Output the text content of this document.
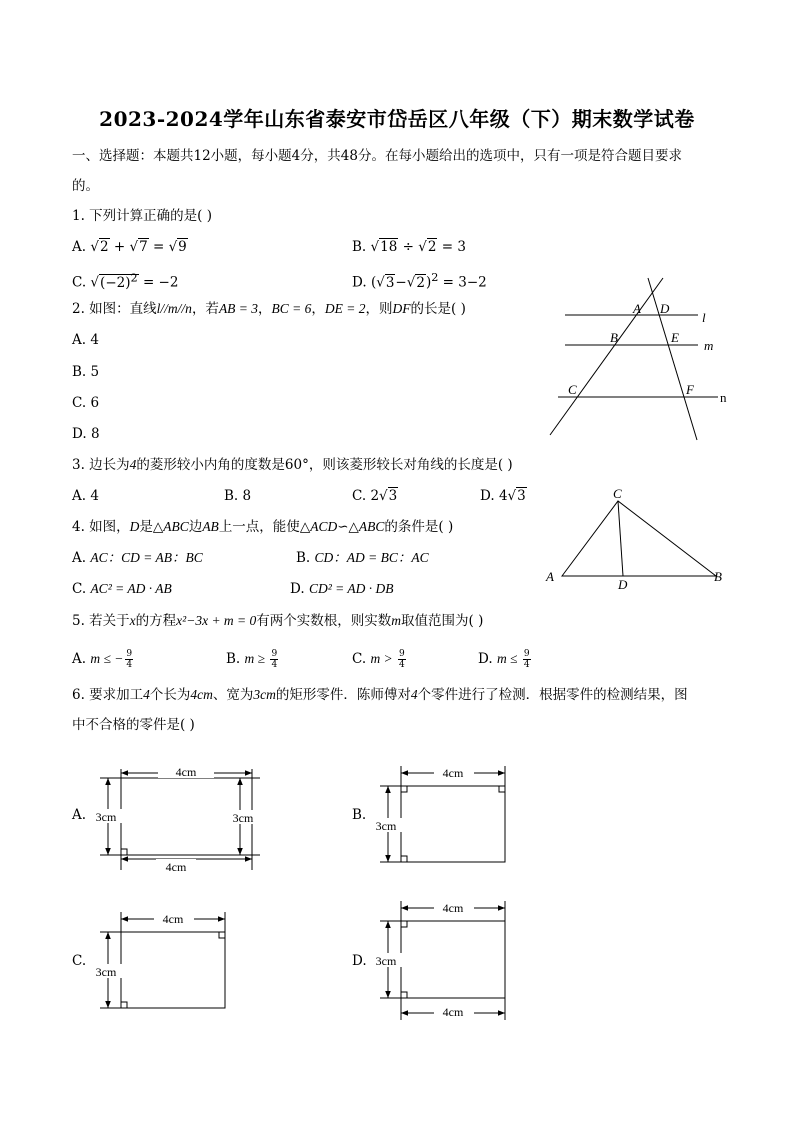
2023-2024学年山东省泰安市岱岳区八年级（下）期末数学试卷
一、选择题：本题共12小题，每小题4分，共48分。在每小题给出的选项中，只有一项是符合题目要求
的。
1. 下列计算正确的是( )
A. √2 + √7 = √9	B. √18 ÷ √2 = 3
C. $√(-2)^2 = -2$	D. $(√3-√2)^2 = 3-2$
2. 如图：直线l//m//n，若AB = 3，BC = 6，DE = 2，则DF的长是( )
A. 4
B. 5
C. 6
D. 8
A D
l
B	E
m
C	F
n
3. 边长为4的菱形较小内角的度数是60°，则该菱形较长对角线的长度是( )
A. 4	B. 8	C. 2√3	D. 4√3
4. 如图，D是△ABC边AB上一点，能使△ACD∽△ABC的条件是( )
A. AC：CD = AB：BC	B. CD：AD = BC：AC
C. AC² = AD · AB	D. CD² = AD · DB
C
A
D
B
5. 若关于x的方程x²−3x + m = 0有两个实数根，则实数m取值范围为( )
A. m ≤ − $\frac{9}{4}$	B. $m \ge \frac{9}{4}$	C. $m > \frac{9}{4}$	D. $m \le \frac{9}{4}$
6. 要求加工4个长为4cm、宽为3cm的矩形零件．陈师傅对4个零件进行了检测．根据零件的检测结果，图
中不合格的零件是( )
A.
4cm
4cm
3cm	3cm	B.
4cm
3cm
C.
4cm
3cm
D.
4cm
4cm
3cm
